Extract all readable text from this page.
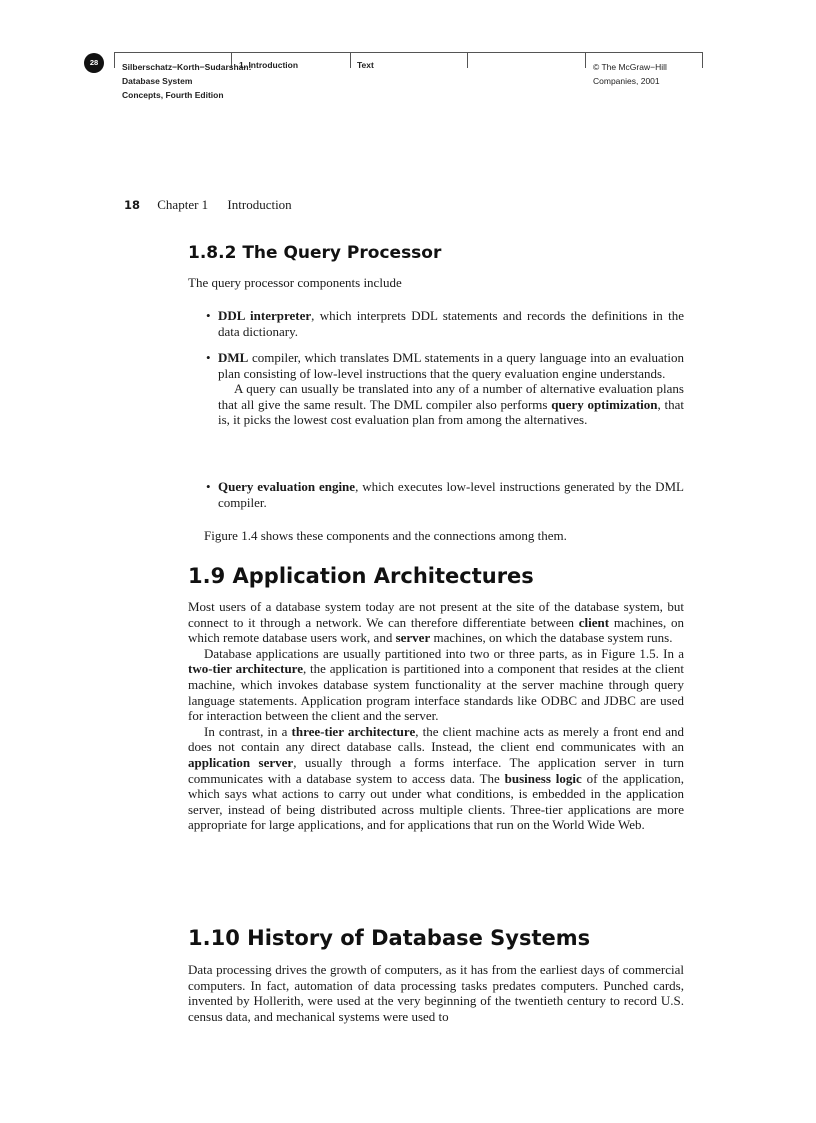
28	Silberschatz−Korth−Sudarshan:
Database System
Concepts, Fourth Edition
1. Introduction	Text	© The McGraw−Hill
Companies, 2001
18 Chapter 1 Introduction
1.8.2 The Query Processor
The query processor components include
• DDL interpreter, which interprets DDL statements and records the definitions in the data dictionary.
• DML compiler, which translates DML statements in a query language into an evaluation plan consisting of low-level instructions that the query evaluation engine understands.
A query can usually be translated into any of a number of alternative evaluation plans that all give the same result. The DML compiler also performs query optimization, that is, it picks the lowest cost evaluation plan from among the alternatives.
• Query evaluation engine, which executes low-level instructions generated by the DML compiler.
Figure 1.4 shows these components and the connections among them.
1.9 Application Architectures

Most users of a database system today are not present at the site of the database system, but connect to it through a network. We can therefore differentiate between client machines, on which remote database users work, and server machines, on which the database system runs.

Database applications are usually partitioned into two or three parts, as in Figure 1.5. In a two-tier architecture, the application is partitioned into a component that resides at the client machine, which invokes database system functionality at the server machine through query language statements. Application program interface standards like ODBC and JDBC are used for interaction between the client and the server.

In contrast, in a three-tier architecture, the client machine acts as merely a front end and does not contain any direct database calls. Instead, the client end communicates with an application server, usually through a forms interface. The application server in turn communicates with a database system to access data. The business logic of the application, which says what actions to carry out under what conditions, is embedded in the application server, instead of being distributed across multiple clients. Three-tier applications are more appropriate for large applications, and for applications that run on the World Wide Web.

1.10 History of Database Systems
Data processing drives the growth of computers, as it has from the earliest days of commercial computers. In fact, automation of data processing tasks predates computers. Punched cards, invented by Hollerith, were used at the very beginning of the twentieth century to record U.S. census data, and mechanical systems were used to
